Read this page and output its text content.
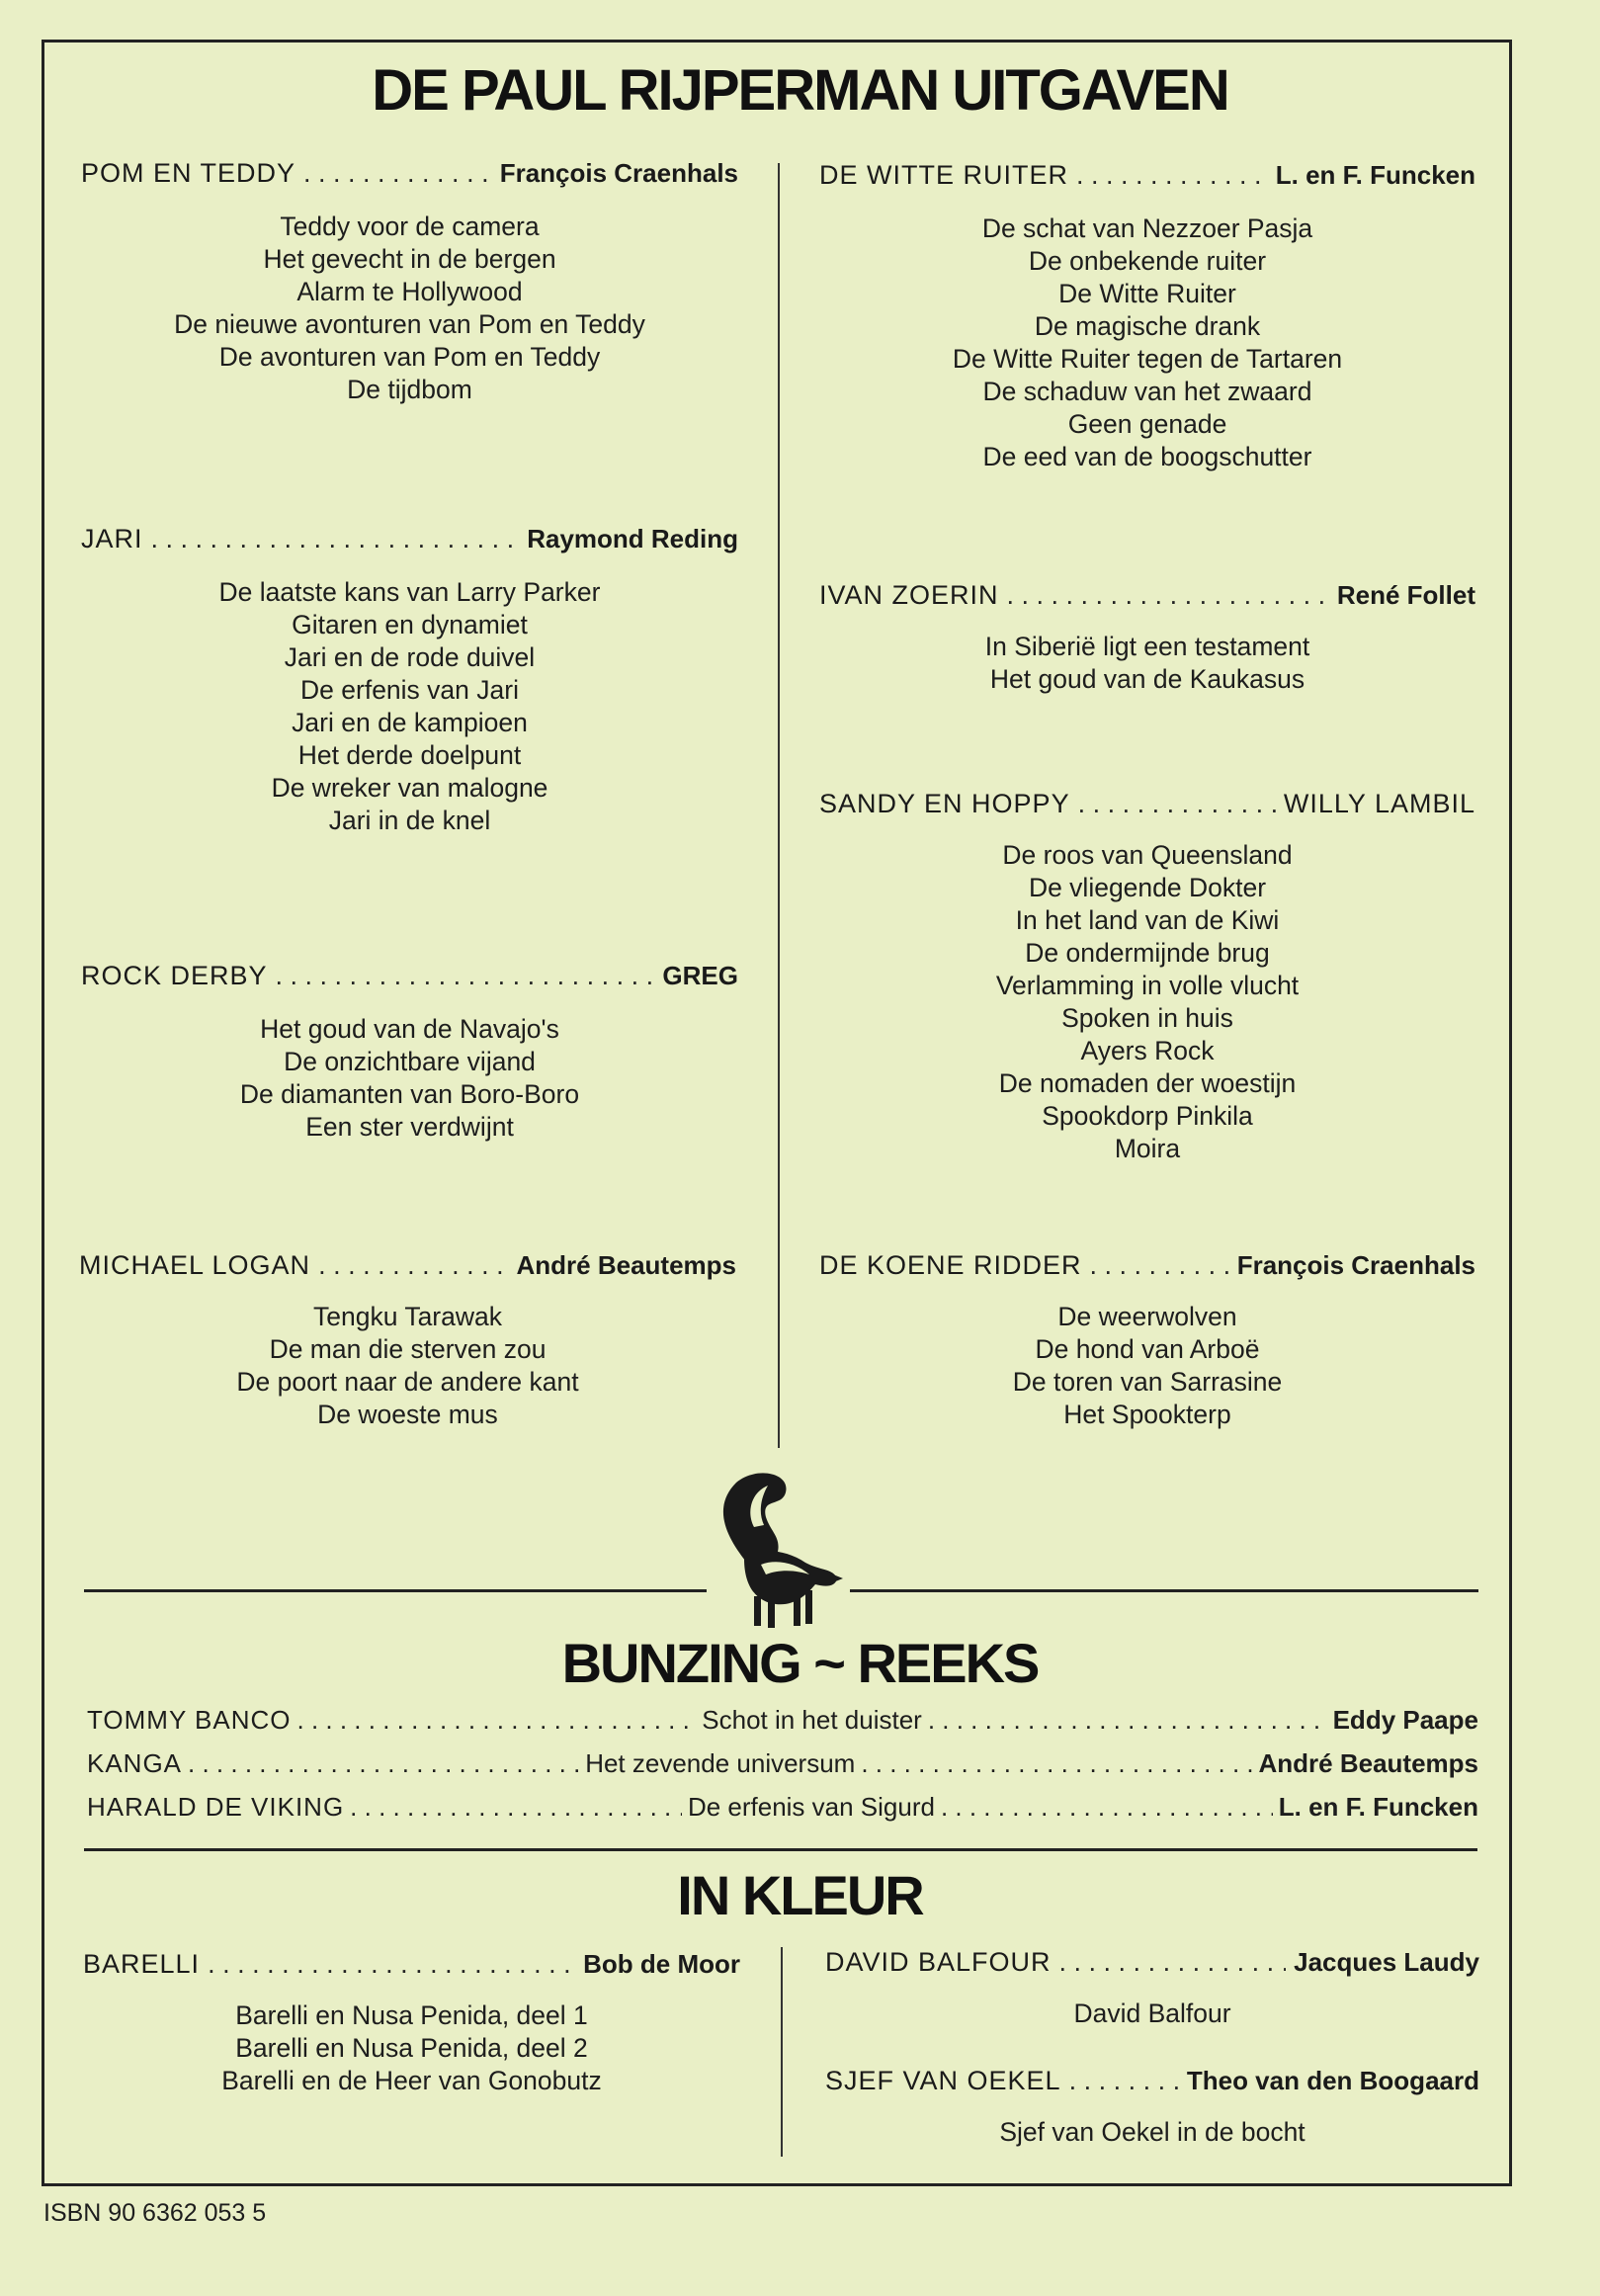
DE PAUL RIJPERMAN UITGAVEN
POM EN TEDDY . . .	François Craenhals
Teddy voor de camera
Het gevecht in de bergen
Alarm te Hollywood
De nieuwe avonturen van Pom en Teddy
De avonturen van Pom en Teddy
De tijdbom
JARI . . .	Raymond Reding
De laatste kans van Larry Parker
Gitaren en dynamiet
Jari en de rode duivel
De erfenis van Jari
Jari en de kampioen
Het derde doelpunt
De wreker van malogne
Jari in de knel
ROCK DERBY . . .	GREG
Het goud van de Navajo's
De onzichtbare vijand
De diamanten van Boro-Boro
Een ster verdwijnt
MICHAEL LOGAN . . .	André Beautemps
Tengku Tarawak
De man die sterven zou
De poort naar de andere kant
De woeste mus
DE WITTE RUITER . . .	L. en F. Funcken
De schat van Nezzoer Pasja
De onbekende ruiter
De Witte Ruiter
De magische drank
De Witte Ruiter tegen de Tartaren
De schaduw van het zwaard
Geen genade
De eed van de boogschutter
IVAN ZOERIN . . .	René Follet
In Siberië ligt een testament
Het goud van de Kaukasus
SANDY EN HOPPY . . .	WILLY LAMBIL
De roos van Queensland
De vliegende Dokter
In het land van de Kiwi
De ondermijnde brug
Verlamming in volle vlucht
Spoken in huis
Ayers Rock
De nomaden der woestijn
Spookdorp Pinkila
Moira
DE KOENE RIDDER . . .	François Craenhals
De weerwolven
De hond van Arboë
De toren van Sarrasine
Het Spookterp
BUNZING ~ REEKS
TOMMY BANCO . . .	Schot in het duister . . .	Eddy Paape
KANGA . . .	Het zevende universum . . .	André Beautemps
HARALD DE VIKING . . .	De erfenis van Sigurd . . .	L. en F. Funcken
IN KLEUR
BARELLI . . .	Bob de Moor
Barelli en Nusa Penida, deel 1
Barelli en Nusa Penida, deel 2
Barelli en de Heer van Gonobutz
DAVID BALFOUR . . .	Jacques Laudy
David Balfour
SJEF VAN OEKEL . . .	Theo van den Boogaard
Sjef van Oekel in de bocht
ISBN 90 6362 053 5
